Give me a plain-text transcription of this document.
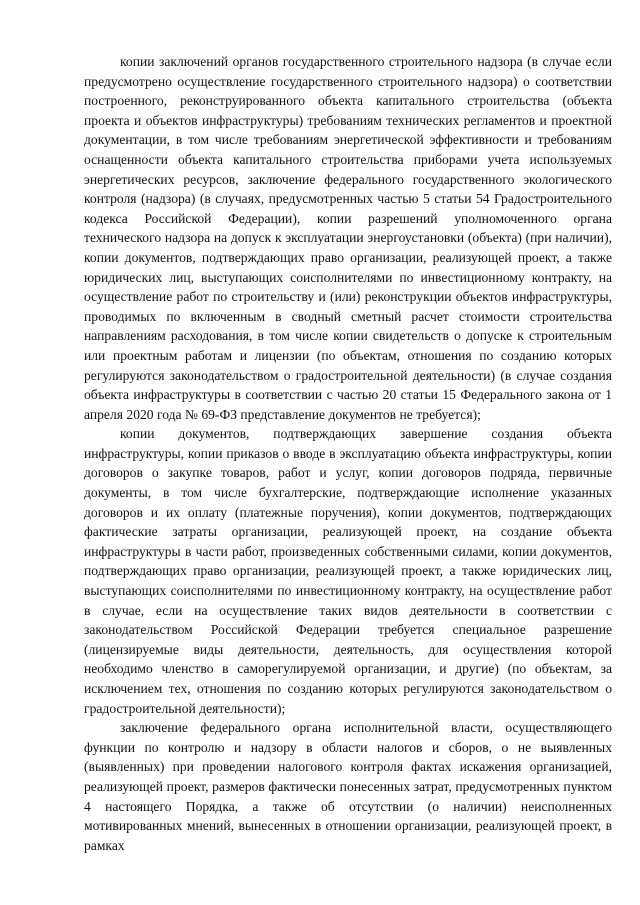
копии заключений органов государственного строительного надзора (в случае если предусмотрено осуществление государственного строительного надзора) о соответствии построенного, реконструированного объекта капитального строительства (объекта проекта и объектов инфраструктуры) требованиям технических регламентов и проектной документации, в том числе требованиям энергетической эффективности и требованиям оснащенности объекта капитального строительства приборами учета используемых энергетических ресурсов, заключение федерального государственного экологического контроля (надзора) (в случаях, предусмотренных частью 5 статьи 54 Градостроительного кодекса Российской Федерации), копии разрешений уполномоченного органа технического надзора на допуск к эксплуатации энергоустановки (объекта) (при наличии), копии документов, подтверждающих право организации, реализующей проект, а также юридических лиц, выступающих соисполнителями по инвестиционному контракту, на осуществление работ по строительству и (или) реконструкции объектов инфраструктуры, проводимых по включенным в сводный сметный расчет стоимости строительства направлениям расходования, в том числе копии свидетельств о допуске к строительным или проектным работам и лицензии (по объектам, отношения по созданию которых регулируются законодательством о градостроительной деятельности) (в случае создания объекта инфраструктуры в соответствии с частью 20 статьи 15 Федерального закона от 1 апреля 2020 года № 69-ФЗ представление документов не требуется);

копии документов, подтверждающих завершение создания объекта инфраструктуры, копии приказов о вводе в эксплуатацию объекта инфраструктуры, копии договоров о закупке товаров, работ и услуг, копии договоров подряда, первичные документы, в том числе бухгалтерские, подтверждающие исполнение указанных договоров и их оплату (платежные поручения), копии документов, подтверждающих фактические затраты организации, реализующей проект, на создание объекта инфраструктуры в части работ, произведенных собственными силами, копии документов, подтверждающих право организации, реализующей проект, а также юридических лиц, выступающих соисполнителями по инвестиционному контракту, на осуществление работ в случае, если на осуществление таких видов деятельности в соответствии с законодательством Российской Федерации требуется специальное разрешение (лицензируемые виды деятельности, деятельность, для осуществления которой необходимо членство в саморегулируемой организации, и другие) (по объектам, за исключением тех, отношения по созданию которых регулируются законодательством о градостроительной деятельности);

заключение федерального органа исполнительной власти, осуществляющего функции по контролю и надзору в области налогов и сборов, о не выявленных (выявленных) при проведении налогового контроля фактах искажения организацией, реализующей проект, размеров фактически понесенных затрат, предусмотренных пунктом 4 настоящего Порядка, а также об отсутствии (о наличии) неисполненных мотивированных мнений, вынесенных в отношении организации, реализующей проект, в рамках
